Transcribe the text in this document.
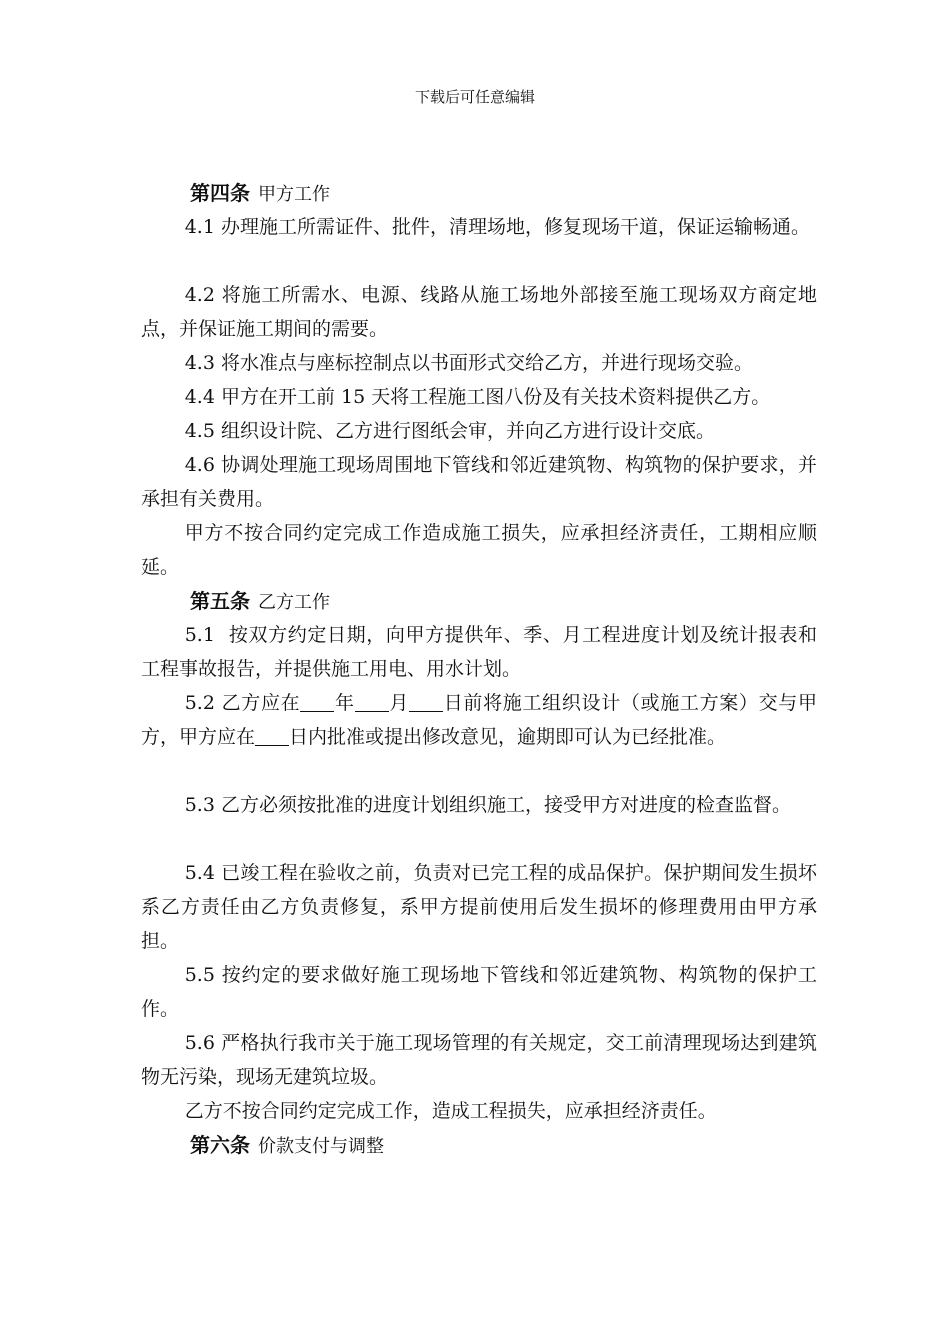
下载后可任意编辑
第四条 甲方工作

4.1 办理施工所需证件、批件，清理场地，修复现场干道，保证运输畅通。

4.2 将施工所需水、电源、线路从施工场地外部接至施工现场双方商定地点，并保证施工期间的需要。

4.3 将水准点与座标控制点以书面形式交给乙方，并进行现场交验。

4.4 甲方在开工前 15 天将工程施工图八份及有关技术资料提供乙方。

4.5 组织设计院、乙方进行图纸会审，并向乙方进行设计交底。

4.6 协调处理施工现场周围地下管线和邻近建筑物、构筑物的保护要求，并承担有关费用。

甲方不按合同约定完成工作造成施工损失，应承担经济责任，工期相应顺延。

第五条 乙方工作

5.1 按双方约定日期，向甲方提供年、季、月工程进度计划及统计报表和工程事故报告，并提供施工用电、用水计划。

5.2 乙方应在 年 月 日前将施工组织设计（或施工方案）交与甲方，甲方应在 日内批准或提出修改意见，逾期即可认为已经批准。

5.3 乙方必须按批准的进度计划组织施工，接受甲方对进度的检查监督。

5.4 已竣工程在验收之前，负责对已完工程的成品保护。保护期间发生损坏系乙方责任由乙方负责修复，系甲方提前使用后发生损坏的修理费用由甲方承担。

5.5 按约定的要求做好施工现场地下管线和邻近建筑物、构筑物的保护工作。

5.6 严格执行我市关于施工现场管理的有关规定，交工前清理现场达到建筑物无污染，现场无建筑垃圾。

乙方不按合同约定完成工作，造成工程损失，应承担经济责任。

第六条 价款支付与调整
